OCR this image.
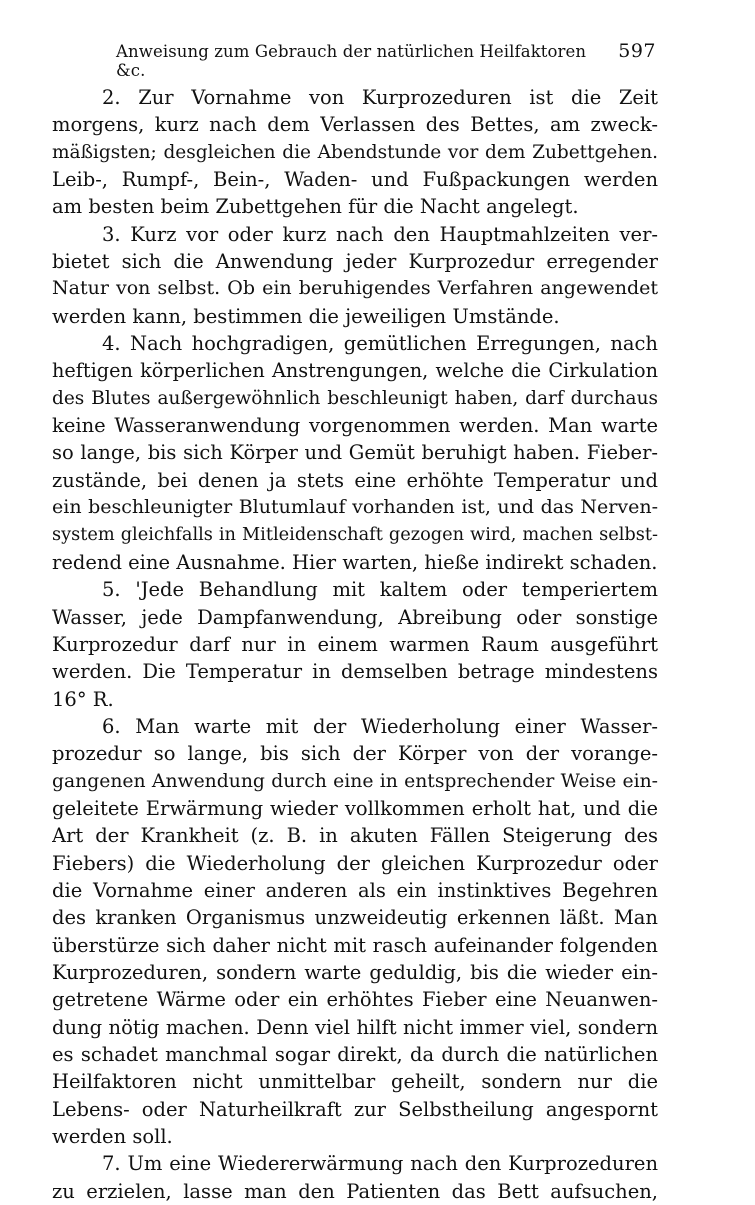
Anweisung zum Gebrauch der natürlichen Heilfaktoren &c.
597
2. Zur Vornahme von Kurprozeduren ist die Zeit
morgens, kurz nach dem Verlassen des Bettes, am zweck-
mäßigsten; desgleichen die Abendstunde vor dem Zubettgehen.
Leib-, Rumpf-, Bein-, Waden- und Fußpackungen werden
am besten beim Zubettgehen für die Nacht angelegt.
3. Kurz vor oder kurz nach den Hauptmahlzeiten ver-
bietet sich die Anwendung jeder Kurprozedur erregender
Natur von selbst. Ob ein beruhigendes Verfahren angewendet
werden kann, bestimmen die jeweiligen Umstände.
4. Nach hochgradigen, gemütlichen Erregungen, nach
heftigen körperlichen Anstrengungen, welche die Cirkulation
des Blutes außergewöhnlich beschleunigt haben, darf durchaus
keine Wasseranwendung vorgenommen werden. Man warte
so lange, bis sich Körper und Gemüt beruhigt haben. Fieber-
zustände, bei denen ja stets eine erhöhte Temperatur und
ein beschleunigter Blutumlauf vorhanden ist, und das Nerven-
system gleichfalls in Mitleidenschaft gezogen wird, machen selbst-
redend eine Ausnahme. Hier warten, hieße indirekt schaden.
5. 'Jede Behandlung mit kaltem oder temperiertem
Wasser, jede Dampfanwendung, Abreibung oder sonstige
Kurprozedur darf nur in einem warmen Raum ausgeführt
werden. Die Temperatur in demselben betrage mindestens
16° R.
6. Man warte mit der Wiederholung einer Wasser-
prozedur so lange, bis sich der Körper von der vorange-
gangenen Anwendung durch eine in entsprechender Weise ein-
geleitete Erwärmung wieder vollkommen erholt hat, und die
Art der Krankheit (z. B. in akuten Fällen Steigerung des
Fiebers) die Wiederholung der gleichen Kurprozedur oder
die Vornahme einer anderen als ein instinktives Begehren
des kranken Organismus unzweideutig erkennen läßt. Man
überstürze sich daher nicht mit rasch aufeinander folgenden
Kurprozeduren, sondern warte geduldig, bis die wieder ein-
getretene Wärme oder ein erhöhtes Fieber eine Neuanwen-
dung nötig machen. Denn viel hilft nicht immer viel, sondern
es schadet manchmal sogar direkt, da durch die natürlichen
Heilfaktoren nicht unmittelbar geheilt, sondern nur die
Lebens- oder Naturheilkraft zur Selbstheilung angespornt
werden soll.
7. Um eine Wiedererwärmung nach den Kurprozeduren
zu erzielen, lasse man den Patienten das Bett aufsuchen,
